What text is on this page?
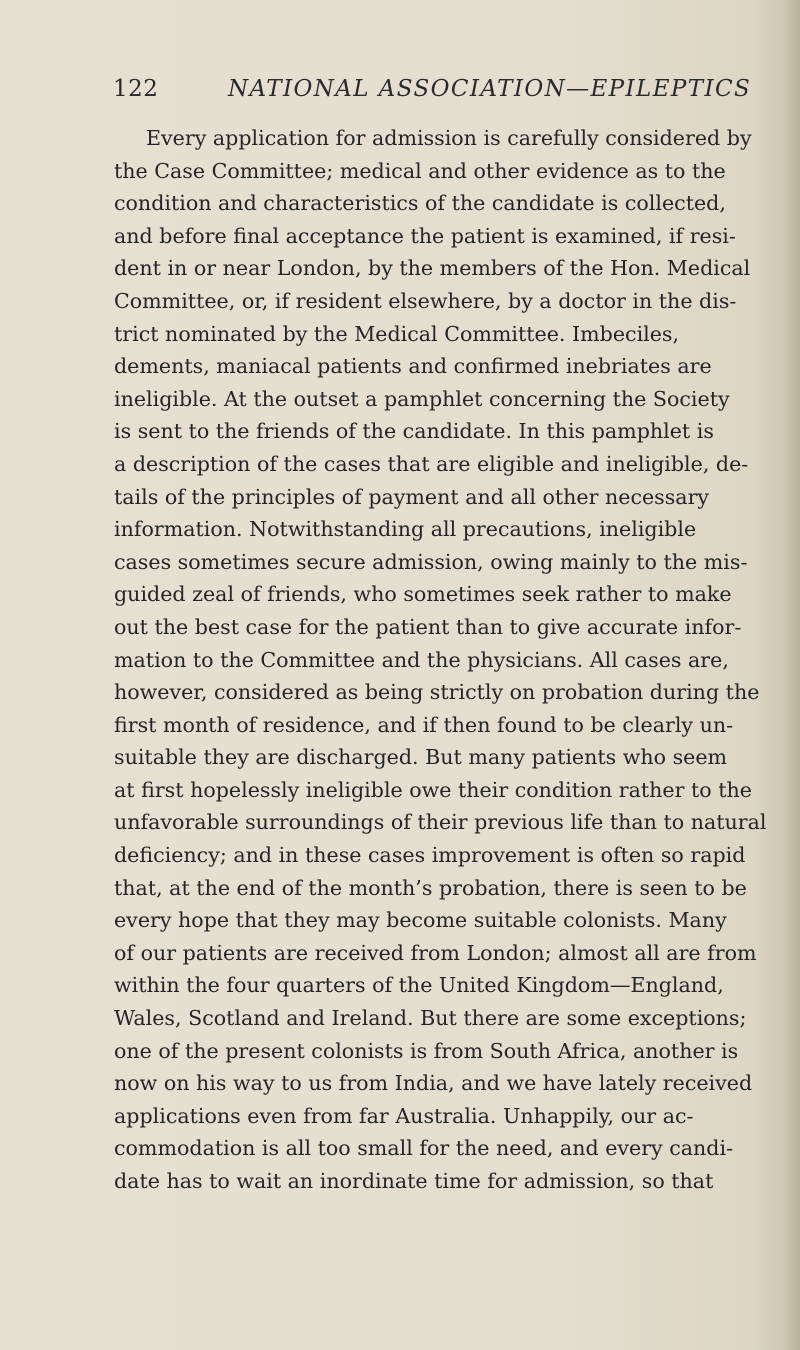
122	NATIONAL ASSOCIATION—EPILEPTICS
Every application for admission is carefully considered by
the Case Committee; medical and other evidence as to the
condition and characteristics of the candidate is collected,
and before final acceptance the patient is examined, if resi-
dent in or near London, by the members of the Hon. Medical
Committee, or, if resident elsewhere, by a doctor in the dis-
trict nominated by the Medical Committee. Imbeciles,
dements, maniacal patients and confirmed inebriates are
ineligible. At the outset a pamphlet concerning the Society
is sent to the friends of the candidate. In this pamphlet is
a description of the cases that are eligible and ineligible, de-
tails of the principles of payment and all other necessary
information. Notwithstanding all precautions, ineligible
cases sometimes secure admission, owing mainly to the mis-
guided zeal of friends, who sometimes seek rather to make
out the best case for the patient than to give accurate infor-
mation to the Committee and the physicians. All cases are,
however, considered as being strictly on probation during the
first month of residence, and if then found to be clearly un-
suitable they are discharged. But many patients who seem
at first hopelessly ineligible owe their condition rather to the
unfavorable surroundings of their previous life than to natural
deficiency; and in these cases improvement is often so rapid
that, at the end of the month’s probation, there is seen to be
every hope that they may become suitable colonists. Many
of our patients are received from London; almost all are from
within the four quarters of the United Kingdom—England,
Wales, Scotland and Ireland. But there are some exceptions;
one of the present colonists is from South Africa, another is
now on his way to us from India, and we have lately received
applications even from far Australia. Unhappily, our ac-
commodation is all too small for the need, and every candi-
date has to wait an inordinate time for admission, so that
